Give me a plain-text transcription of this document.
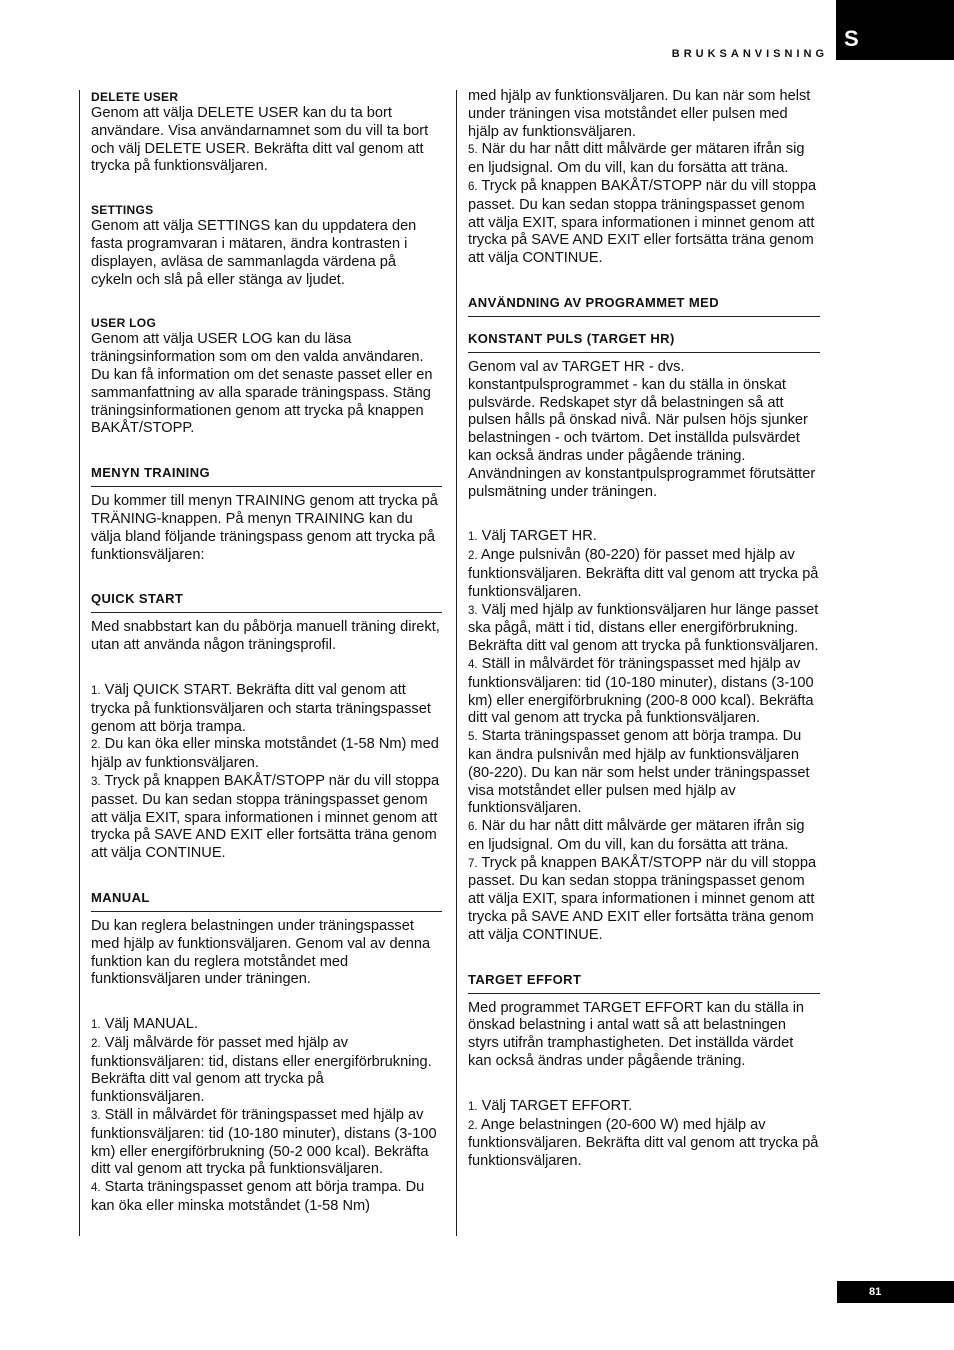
S
BRUKSANVISNING
DELETE USER

Genom att välja DELETE USER kan du ta bort användare. Visa användarnamnet som du vill ta bort och välj DELETE USER. Bekräfta ditt val genom att trycka på funktionsväljaren.

SETTINGS

Genom att välja SETTINGS kan du uppdatera den fasta programvaran i mätaren, ändra kontrasten i displayen, avläsa de sammanlagda värdena på cykeln och slå på eller stänga av ljudet.

USER LOG

Genom att välja USER LOG kan du läsa träningsinformation som om den valda användaren. Du kan få information om det senaste passet eller en sammanfattning av alla sparade träningspass. Stäng träningsinformationen genom att trycka på knappen BAKÅT/STOPP.

MENYN TRAINING

Du kommer till menyn TRAINING genom att trycka på TRÄNING-knappen. På menyn TRAINING kan du välja bland följande träningspass genom att trycka på funktionsväljaren:

QUICK START

Med snabbstart kan du påbörja manuell träning direkt, utan att använda någon träningsprofil.

1. Välj QUICK START. Bekräfta ditt val genom att trycka på funktionsväljaren och starta träningspasset genom att börja trampa.

2. Du kan öka eller minska motståndet (1-58 Nm) med hjälp av funktionsväljaren.

3. Tryck på knappen BAKÅT/STOPP när du vill stoppa passet. Du kan sedan stoppa träningspasset genom att välja EXIT, spara informationen i minnet genom att trycka på SAVE AND EXIT eller fortsätta träna genom att välja CONTINUE.

MANUAL

Du kan reglera belastningen under träningspasset med hjälp av funktionsväljaren. Genom val av denna funktion kan du reglera motståndet med funktionsväljaren under träningen.

1. Välj MANUAL.

2. Välj målvärde för passet med hjälp av funktionsväljaren: tid, distans eller energiförbrukning. Bekräfta ditt val genom att trycka på funktionsväljaren.

3. Ställ in målvärdet för träningspasset med hjälp av funktionsväljaren: tid (10-180 minuter), distans (3-100 km) eller energiförbrukning (50-2 000 kcal). Bekräfta ditt val genom att trycka på funktionsväljaren.

4. Starta träningspasset genom att börja trampa. Du kan öka eller minska motståndet (1-58 Nm)

med hjälp av funktionsväljaren. Du kan när som helst under träningen visa motståndet eller pulsen med hjälp av funktionsväljaren.

5. När du har nått ditt målvärde ger mätaren ifrån sig en ljudsignal. Om du vill, kan du forsätta att träna.

6. Tryck på knappen BAKÅT/STOPP när du vill stoppa passet. Du kan sedan stoppa träningspasset genom att välja EXIT, spara informationen i minnet genom att trycka på SAVE AND EXIT eller fortsätta träna genom att välja CONTINUE.

ANVÄNDNING AV PROGRAMMET MED
KONSTANT PULS (TARGET HR)

Genom val av TARGET HR - dvs. konstantpulsprogrammet - kan du ställa in önskat pulsvärde. Redskapet styr då belastningen så att pulsen hålls på önskad nivå. När pulsen höjs sjunker belastningen - och tvärtom. Det inställda pulsvärdet kan också ändras under pågående träning. Användningen av konstantpulsprogrammet förutsätter pulsmätning under träningen.

1. Välj TARGET HR.

2. Ange pulsnivån (80-220) för passet med hjälp av funktionsväljaren. Bekräfta ditt val genom att trycka på funktionsväljaren.

3. Välj med hjälp av funktionsväljaren hur länge passet ska pågå, mätt i tid, distans eller energiförbrukning. Bekräfta ditt val genom att trycka på funktionsväljaren.

4. Ställ in målvärdet för träningspasset med hjälp av funktionsväljaren: tid (10-180 minuter), distans (3-100 km) eller energiförbrukning (200-8 000 kcal). Bekräfta ditt val genom att trycka på funktionsväljaren.

5. Starta träningspasset genom att börja trampa. Du kan ändra pulsnivån med hjälp av funktionsväljaren (80-220). Du kan när som helst under träningspasset visa motståndet eller pulsen med hjälp av funktionsväljaren.

6. När du har nått ditt målvärde ger mätaren ifrån sig en ljudsignal. Om du vill, kan du forsätta att träna.

7. Tryck på knappen BAKÅT/STOPP när du vill stoppa passet. Du kan sedan stoppa träningspasset genom att välja EXIT, spara informationen i minnet genom att trycka på SAVE AND EXIT eller fortsätta träna genom att välja CONTINUE.

TARGET EFFORT

Med programmet TARGET EFFORT kan du ställa in önskad belastning i antal watt så att belastningen styrs utifrån tramphastigheten. Det inställda värdet kan också ändras under pågående träning.

1. Välj TARGET EFFORT.

2. Ange belastningen (20-600 W) med hjälp av funktionsväljaren. Bekräfta ditt val genom att trycka på funktionsväljaren.

81
